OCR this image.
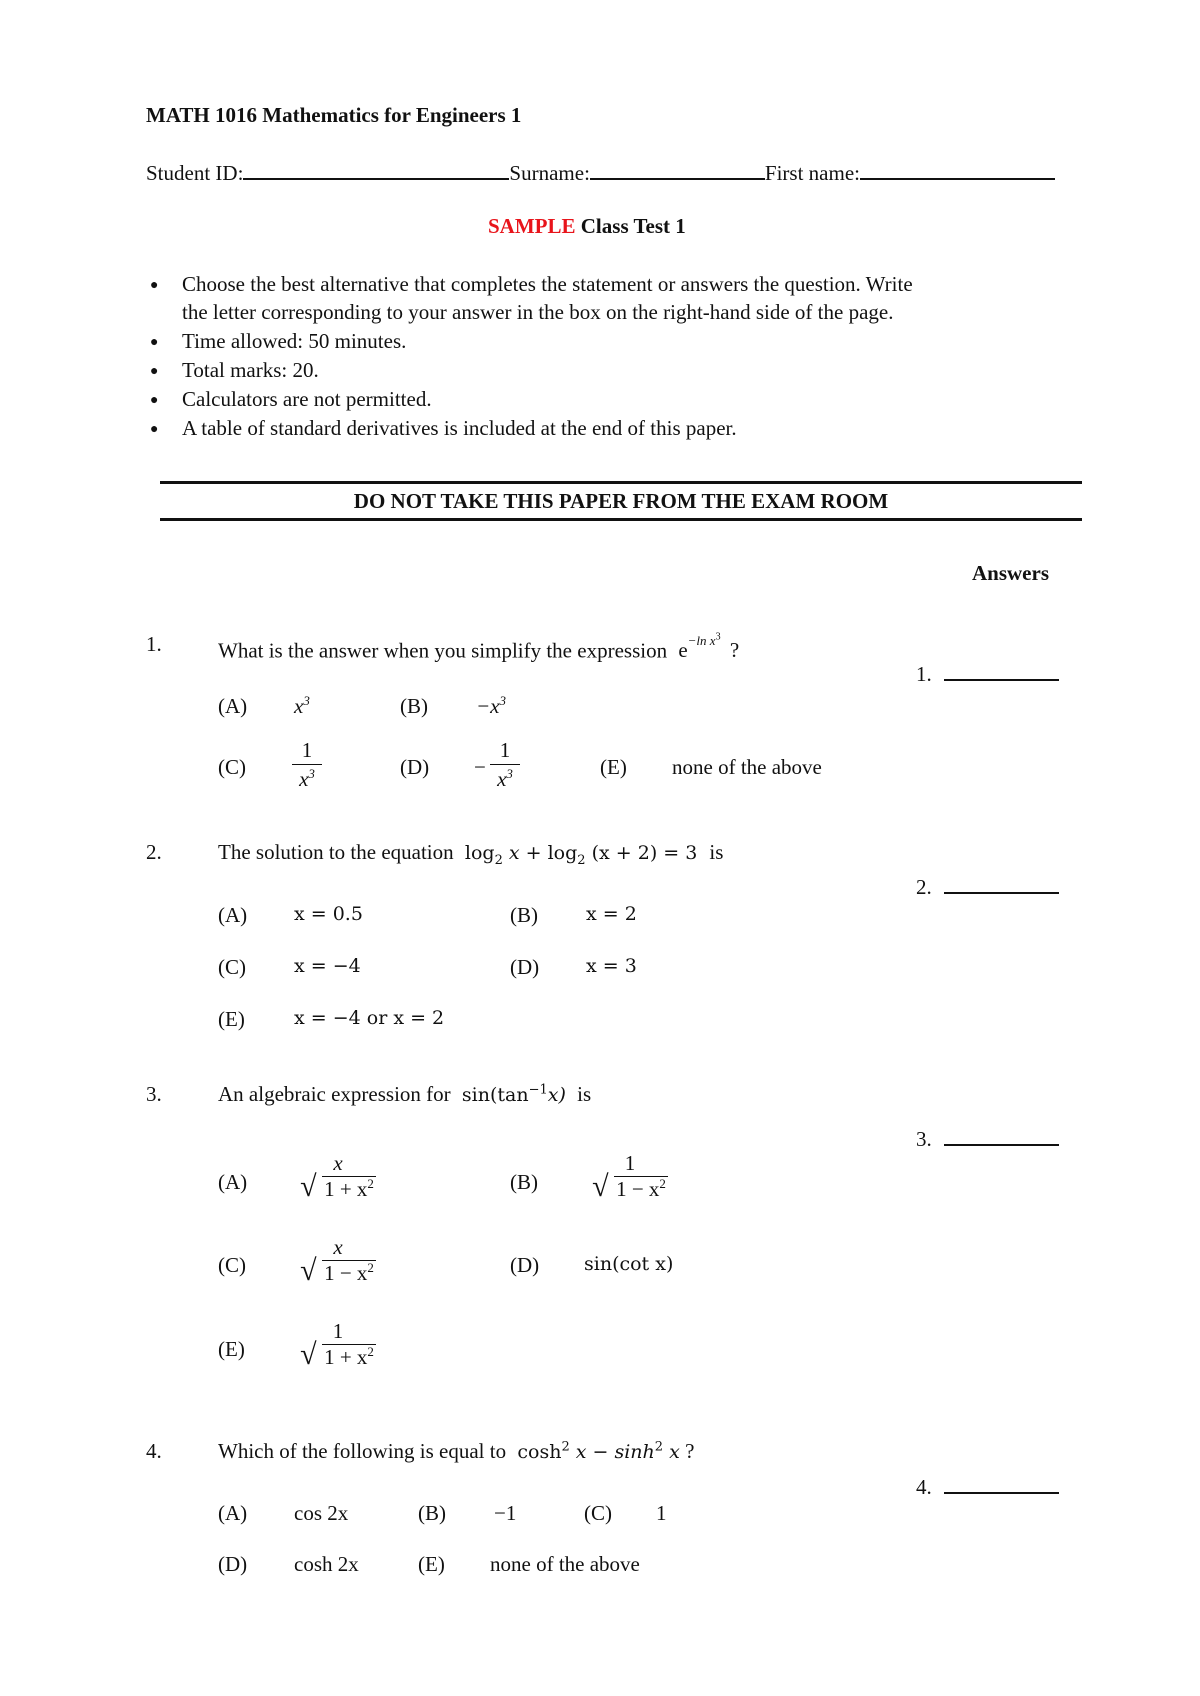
MATH 1016 Mathematics for Engineers 1
Student ID:	Surname:	First name:
SAMPLE Class Test 1
● Choose the best alternative that completes the statement or answers the question. Write
the letter corresponding to your answer in the box on the right-hand side of the page.
● Time allowed: 50 minutes.
● Total marks: 20.
● Calculators are not permitted.
● A table of standard derivatives is included at the end of this paper.
DO NOT TAKE THIS PAPER FROM THE EXAM ROOM
Answers
1.	What is the answer when you simplify the expression $e^{-ln x^3}$ ?
1.
(A) $x^3$	$(B) -x^3$
(C)
1
$x^3$	(D) −
1
$x^3$	(E) none of the above
2.	The solution to the equation $\log_2 x + \log_2 (x + 2) = 3$ is
2.
(A) x = 0.5	(B)	x = 2
(C)	x = −4	(D) x = 3
(E)	x = −4 or x = 2
3.	An algebraic expression for $\sin(\tan^{-1}x)$ is
3.
(A)
x
√ $1 + x^2$	(B)
1
√ $1 - x^2$
(C)
x
√ $1 - x^2$	(D) sin(cot x)
(E)
1
√ $1 + x^2$
4.	Which of the following is equal to $\cosh^2 x - \sinh^2 x$ ?
4.
(A) cos 2x	(B) −1	(C) 1
(D) cosh 2x	(E) none of the above
